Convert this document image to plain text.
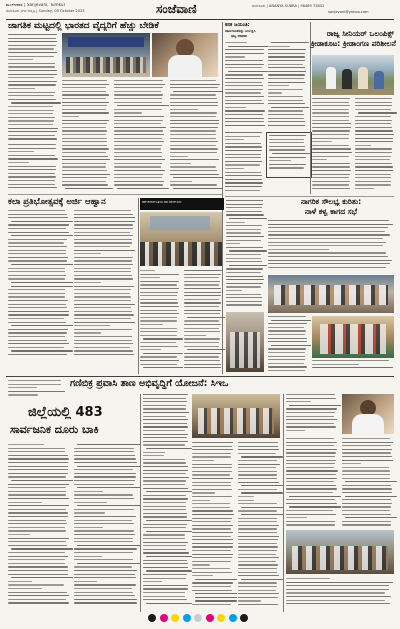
ಮಂಗಳವಾರ | Sanjevani, Tumkur
ತುಮಕೂರು ನಗರ ಆವೃತ್ತಿ | Sunday, 05 October 2025	ಸಂಜೆವಾಣಿ	ತುಮಕೂರು | ANANYA SUBRA | 98489 73852
sanjevani@yahoo.com
ಜಾಗತಿಕ ಮಟ್ಟದಲ್ಲಿ ಭಾರತದ ವೈದ್ಯರಿಗೆ ಹೆಚ್ಚು ಬೇಡಿಕೆ	ಕನಕ ಜಯಂತಿ:
ಸಾರ್ವಜನಿಕರನ್ನು ನಿರ್ಲಕ್ಷಿಸಿ
ಹಬ್ಬ ಆಚರಣೆ	ರಾಜ್ಯ ಸೀನಿಯರ್ ಒಲಂಪಿಕ್ಸ್
ಕ್ರೀಡಾಕೂಟ: ಕ್ರೀಡಾಂಗಣ ಪರಿಶೀಲನೆ
ಕಲಾ ಪ್ರತಿಭೋತ್ಸವಕ್ಕೆ ಅರ್ಜಿ ಆಹ್ವಾನ	ಶಿಕ್ಷಕರ ನೇಮಕಾತಿಗೆ ಒತ್ತಾಯಿಸಿ ಶಿಕ್ಷಣ ಸಂಸ್ಥೆಗಳಿಗೆ ಮನವಿ	ನಾಗರಿಕ ಸೌಲಭ್ಯ ಕುರಿತು:
ನಾಳೆ ಕಳ್ವ ಕಾಗದ ಸಭೆ
ಗಣಿಬಿಕ್ರ ಪ್ರವಾಸಿ ತಾಣ ಅಭಿವೃದ್ಧಿಗೆ ಯೋಜನೆ: ಸಿಇಒ
ಜಿಲ್ಲೆಯಲ್ಲಿ 483
ಸಾರ್ವಜನಿಕ ದೂರು ಬಾಕಿ
